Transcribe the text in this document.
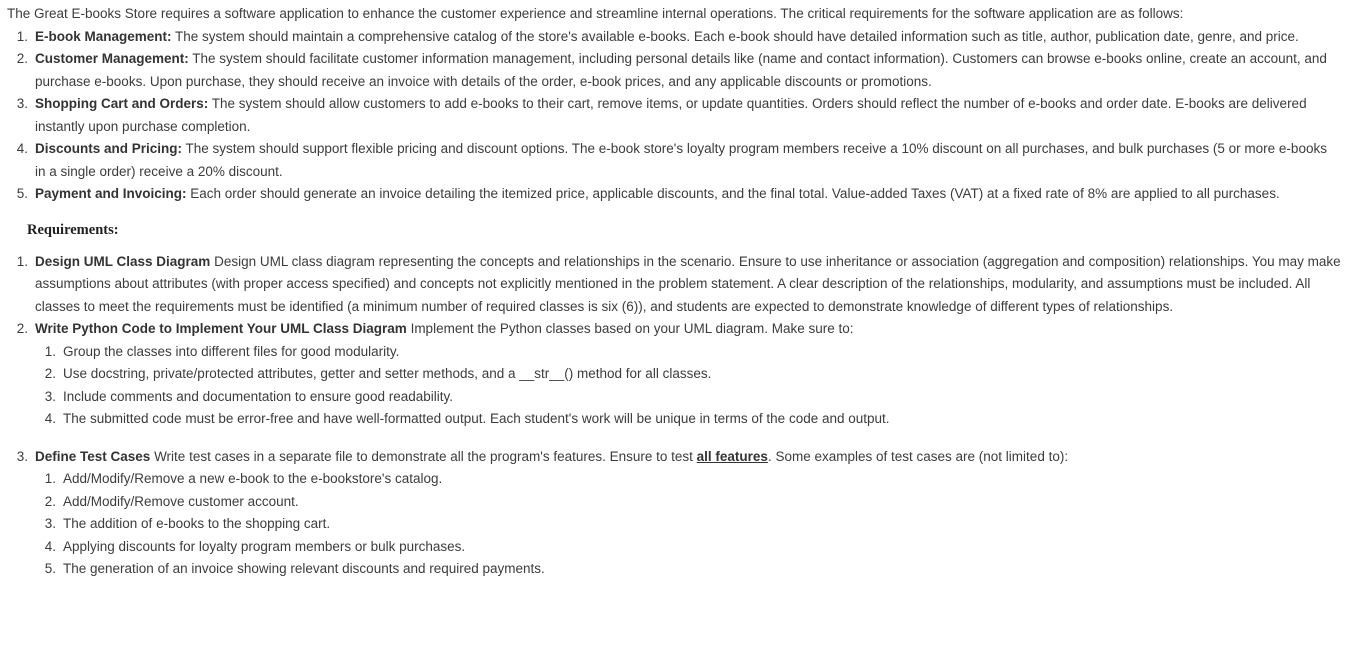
The Great E-books Store requires a software application to enhance the customer experience and streamline internal operations. The critical requirements for the software application are as follows:

1. E-book Management: The system should maintain a comprehensive catalog of the store's available e-books. Each e-book should have detailed information such as title, author, publication date, genre, and price.
2. Customer Management: The system should facilitate customer information management, including personal details like (name and contact information). Customers can browse e-books online, create an account, and purchase e-books. Upon purchase, they should receive an invoice with details of the order, e-book prices, and any applicable discounts or promotions.
3. Shopping Cart and Orders: The system should allow customers to add e-books to their cart, remove items, or update quantities. Orders should reflect the number of e-books and order date. E-books are delivered instantly upon purchase completion.
4. Discounts and Pricing: The system should support flexible pricing and discount options. The e-book store's loyalty program members receive a 10% discount on all purchases, and bulk purchases (5 or more e-books in a single order) receive a 20% discount.
5. Payment and Invoicing: Each order should generate an invoice detailing the itemized price, applicable discounts, and the final total. Value-added Taxes (VAT) at a fixed rate of 8% are applied to all purchases.
Requirements:
1. Design UML Class Diagram Design UML class diagram representing the concepts and relationships in the scenario. Ensure to use inheritance or association (aggregation and composition) relationships. You may make assumptions about attributes (with proper access specified) and concepts not explicitly mentioned in the problem statement. A clear description of the relationships, modularity, and assumptions must be included. All classes to meet the requirements must be identified (a minimum number of required classes is six (6)), and students are expected to demonstrate knowledge of different types of relationships.
2. Write Python Code to Implement Your UML Class Diagram Implement the Python classes based on your UML diagram. Make sure to:
1. Group the classes into different files for good modularity.
2. Use docstring, private/protected attributes, getter and setter methods, and a __str__() method for all classes.
3. Include comments and documentation to ensure good readability.
4. The submitted code must be error-free and have well-formatted output. Each student's work will be unique in terms of the code and output.
3. Define Test Cases Write test cases in a separate file to demonstrate all the program's features. Ensure to test all features. Some examples of test cases are (not limited to):
1. Add/Modify/Remove a new e-book to the e-bookstore's catalog.
2. Add/Modify/Remove customer account.
3. The addition of e-books to the shopping cart.
4. Applying discounts for loyalty program members or bulk purchases.
5. The generation of an invoice showing relevant discounts and required payments.
